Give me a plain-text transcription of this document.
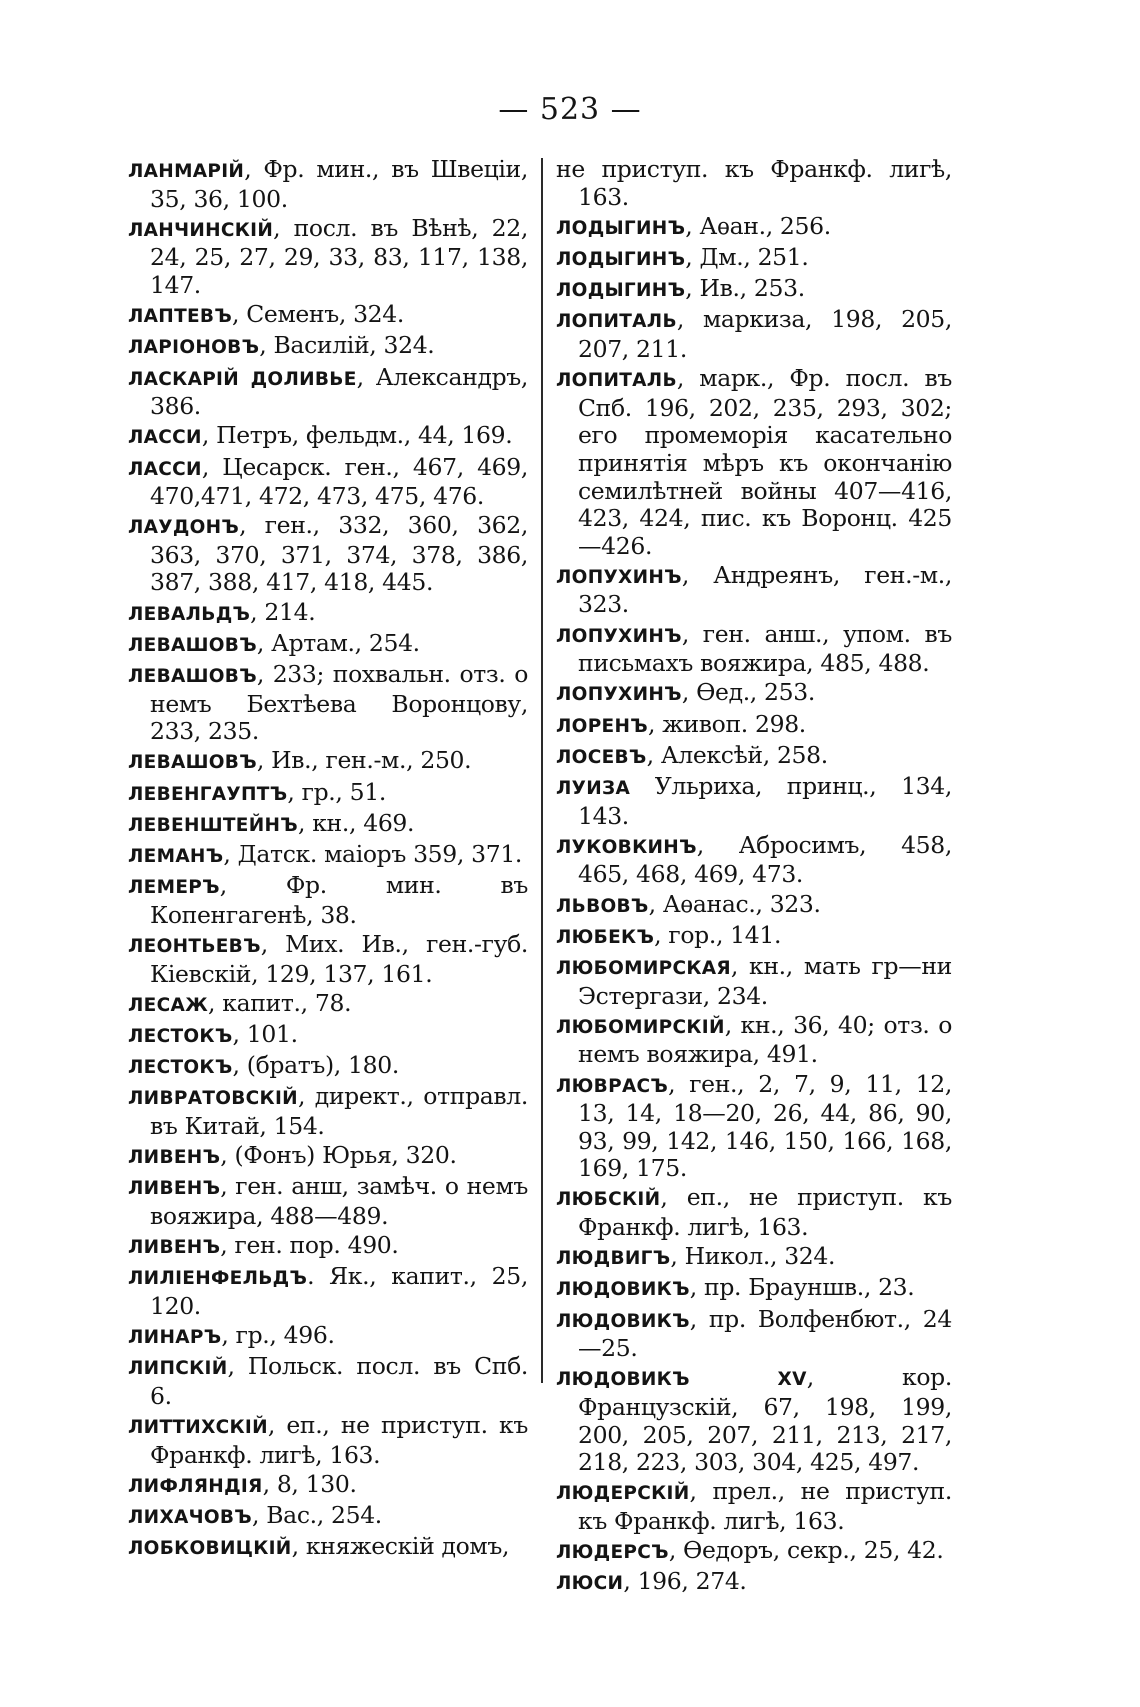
— 523 —
ЛАНМАРІЙ, Фр. мин., въ Швеціи, 35, 36, 100.
ЛАНЧИНСКІЙ, посл. въ Вѣнѣ, 22, 24, 25, 27, 29, 33, 83, 117, 138, 147.
ЛАПТЕВЪ, Семенъ, 324.
ЛАРІОНОВЪ, Василій, 324.
ЛАСКАРІЙ ДОЛИВЬЕ, Александръ, 386.
ЛАССИ, Петръ, фельдм., 44, 169.
ЛАССИ, Цесарск. ген., 467, 469, 470,471, 472, 473, 475, 476.
ЛАУДОНЪ, ген., 332, 360, 362, 363, 370, 371, 374, 378, 386, 387, 388, 417, 418, 445.
ЛЕВАЛЬДЪ, 214.
ЛЕВАШОВЪ, Артам., 254.
ЛЕВАШОВЪ, 233; похвальн. отз. о немъ Бехтѣева Воронцову, 233, 235.
ЛЕВАШОВЪ, Ив., ген.-м., 250.
ЛЕВЕНГАУПТЪ, гр., 51.
ЛЕВЕНШТЕЙНЪ, кн., 469.
ЛЕМАНЪ, Датск. маіоръ 359, 371.
ЛЕМЕРЪ, Фр. мин. въ Копенгагенѣ, 38.
ЛЕОНТЬЕВЪ, Мих. Ив., ген.-губ. Кіевскій, 129, 137, 161.
ЛЕСАЖ, капит., 78.
ЛЕСТОКЪ, 101.
ЛЕСТОКЪ, (братъ), 180.
ЛИВРАТОВСКІЙ, директ., отправл. въ Китай, 154.
ЛИВЕНЪ, (Фонъ) Юрья, 320.
ЛИВЕНЪ, ген. анш, замѣч. о немъ вояжира, 488—489.
ЛИВЕНЪ, ген. пор. 490.
ЛИЛІЕНФЕЛЬДЪ. Як., капит., 25, 120.
ЛИНАРЪ, гр., 496.
ЛИПСКІЙ, Польск. посл. въ Спб. 6.
ЛИТТИХСКІЙ, еп., не приступ. къ Франкф. лигѣ, 163.
ЛИФЛЯНДІЯ, 8, 130.
ЛИХАЧОВЪ, Вас., 254.
ЛОБКОВИЦКІЙ, княжескій домъ,
не приступ. къ Франкф. лигѣ, 163.
ЛОДЫГИНЪ, Аѳан., 256.
ЛОДЫГИНЪ, Дм., 251.
ЛОДЫГИНЪ, Ив., 253.
ЛОПИТАЛЬ, маркиза, 198, 205, 207, 211.
ЛОПИТАЛЬ, марк., Фр. посл. въ Спб. 196, 202, 235, 293, 302; его промеморія касательно принятія мѣръ къ окончанію семилѣтней войны 407—416, 423, 424, пис. къ Воронц. 425—426.
ЛОПУХИНЪ, Андреянъ, ген.-м., 323.
ЛОПУХИНЪ, ген. анш., упом. въ письмахъ вояжира, 485, 488.
ЛОПУХИНЪ, Ѳед., 253.
ЛОРЕНЪ, живоп. 298.
ЛОСЕВЪ, Алексѣй, 258.
ЛУИЗА Ульриха, принц., 134, 143.
ЛУКОВКИНЪ, Абросимъ, 458, 465, 468, 469, 473.
ЛЬВОВЪ, Аѳанас., 323.
ЛЮБЕКЪ, гор., 141.
ЛЮБОМИРСКАЯ, кн., мать гр—ни Эстергази, 234.
ЛЮБОМИРСКІЙ, кн., 36, 40; отз. о немъ вояжира, 491.
ЛЮВРАСЪ, ген., 2, 7, 9, 11, 12, 13, 14, 18—20, 26, 44, 86, 90, 93, 99, 142, 146, 150, 166, 168, 169, 175.
ЛЮБСКІЙ, еп., не приступ. къ Франкф. лигѣ, 163.
ЛЮДВИГЪ, Никол., 324.
ЛЮДОВИКЪ, пр. Брауншв., 23.
ЛЮДОВИКЪ, пр. Волфенбют., 24—25.
ЛЮДОВИКЪ XV, кор. Французскій, 67, 198, 199, 200, 205, 207, 211, 213, 217, 218, 223, 303, 304, 425, 497.
ЛЮДЕРСКІЙ, прел., не приступ. къ Франкф. лигѣ, 163.
ЛЮДЕРСЪ, Ѳедоръ, секр., 25, 42.
ЛЮСИ, 196, 274.
